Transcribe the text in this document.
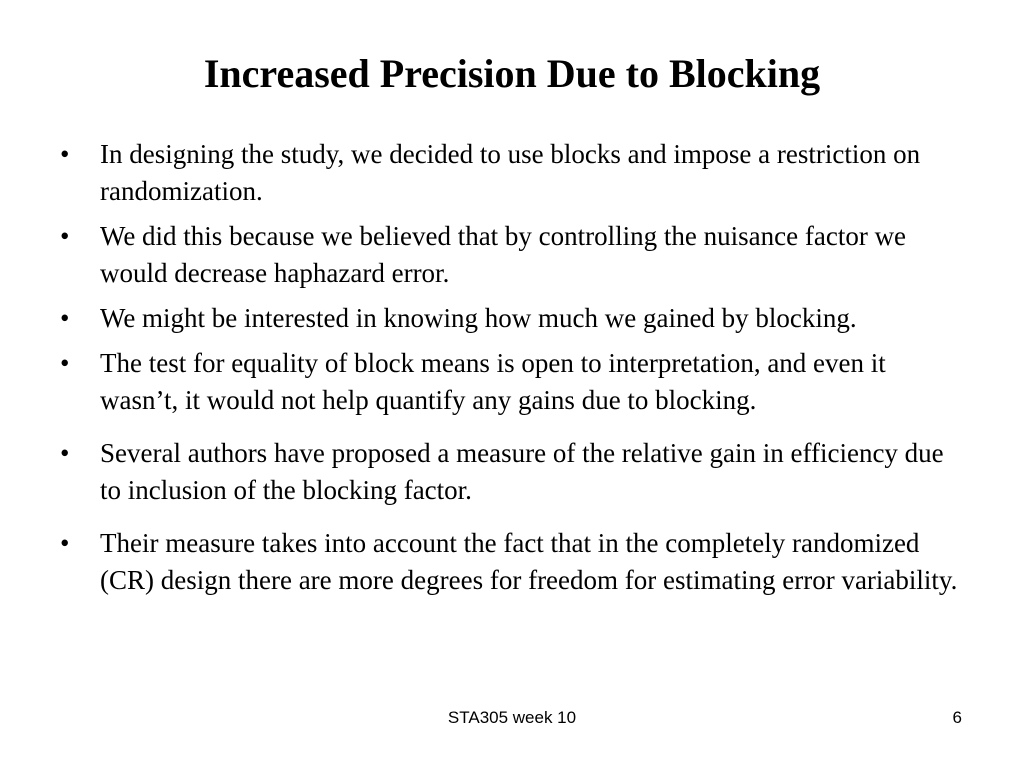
Increased Precision Due to Blocking
•	In designing the study, we decided to use blocks and impose a restriction on randomization.
•	We did this because we believed that by controlling the nuisance factor we would decrease haphazard error.
•	We might be interested in knowing how much we gained by blocking.
•	The test for equality of block means is open to interpretation, and even it wasn’t, it would not help quantify any gains due to blocking.
•	Several authors have proposed a measure of the relative gain in efficiency due to inclusion of the blocking factor.
•	Their measure takes into account the fact that in the completely randomized (CR) design there are more degrees for freedom for estimating error variability.
STA305 week 10	6
